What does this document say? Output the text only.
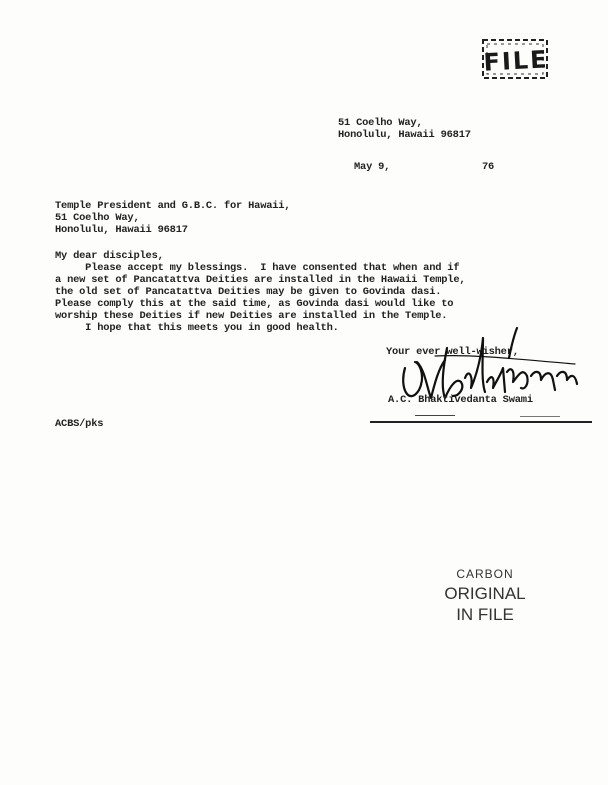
FILE
51 Coelho Way,
Honolulu, Hawaii 96817
May 9,	76
Temple President and G.B.C. for Hawaii,
51 Coelho Way,
Honolulu, Hawaii 96817
My dear disciples,
Please accept my blessings.  I have consented that when and if
a new set of Pancatattva Deities are installed in the Hawaii Temple,
the old set of Pancatattva Deities may be given to Govinda dasi.
Please comply this at the said time, as Govinda dasi would like to
worship these Deities if new Deities are installed in the Temple.
I hope that this meets you in good health.
Your ever well-wisher,
A.C. Bhaktivedanta Swami
ACBS/pks
CARBON
ORIGINAL
IN FILE
